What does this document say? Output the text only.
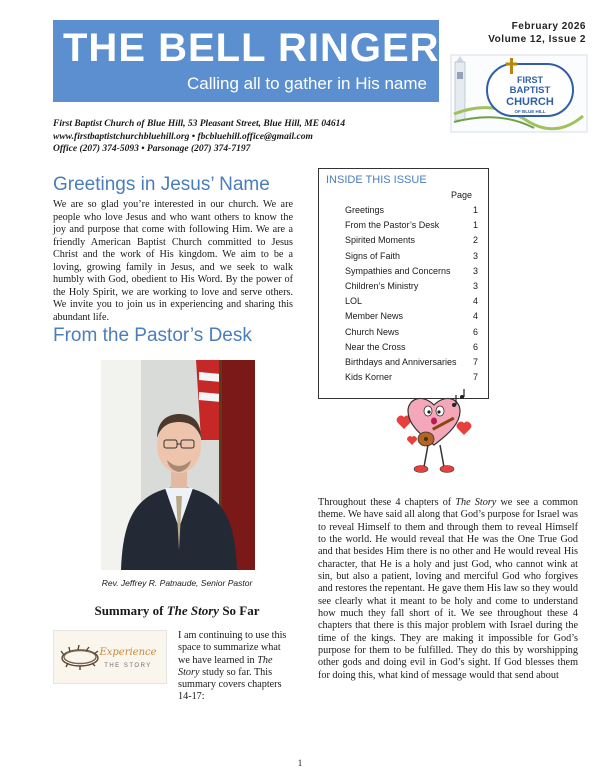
THE BELL RINGER
Calling all to gather in His name
February 2026
Volume 12, Issue 2
FIRST
BAPTIST
CHURCH
OF BLUE HILL
First Baptist Church of Blue Hill, 53 Pleasant Street, Blue Hill, ME 04614
www.firstbaptistchurchbluehill.org • fbcbluehill.office@gmail.com
Office (207) 374-5093 • Parsonage (207) 374-7197
Greetings in Jesus’ Name
We are so glad you’re interested in our church. We are people who love Jesus and who want others to know the joy and purpose that come with following Him. We are a friendly American Baptist Church committed to Jesus Christ and the work of His kingdom. We aim to be a loving, growing family in Jesus, and we seek to walk humbly with God, obedient to His Word. By the power of the Holy Spirit, we are working to love and serve others. We invite you to join us in experiencing and sharing this abundant life.
From the Pastor’s Desk
INSIDE THIS ISSUE
Page
Greetings	1
From the Pastor’s Desk	1
Spirited Moments	2
Signs of Faith	3
Sympathies and Concerns 3
Children’s Ministry	3
LOL	4
Member News	4
Church News	6
Near the Cross	6
Birthdays and Anniversaries 7
Kids Korner	7
Rev. Jeffrey R. Patnaude, Senior Pastor
Summary of The Story So Far
Experience
THE STORY
I am continuing to use this space to summarize what we have learned in The Story study so far. This summary covers chapters 14-17:
Throughout these 4 chapters of The Story we see a common theme. We have said all along that God’s purpose for Israel was to reveal Himself to them and through them to reveal Himself to the world. He would reveal that He was the One True God and that besides Him there is no other and He would reveal His character, that He is a holy and just God, who cannot wink at sin, but also a patient, loving and merciful God who forgives and restores the repentant. He gave them His law so they would see clearly what it meant to be holy and come to understand how much they fall short of it. We see throughout these 4 chapters that there is this major problem with Israel during the time of the kings. They are making it impossible for God’s purpose for them to be fulfilled. They do this by worshipping other gods and doing evil in God’s sight. If God blesses them for doing this, what kind of message would that send about
1
